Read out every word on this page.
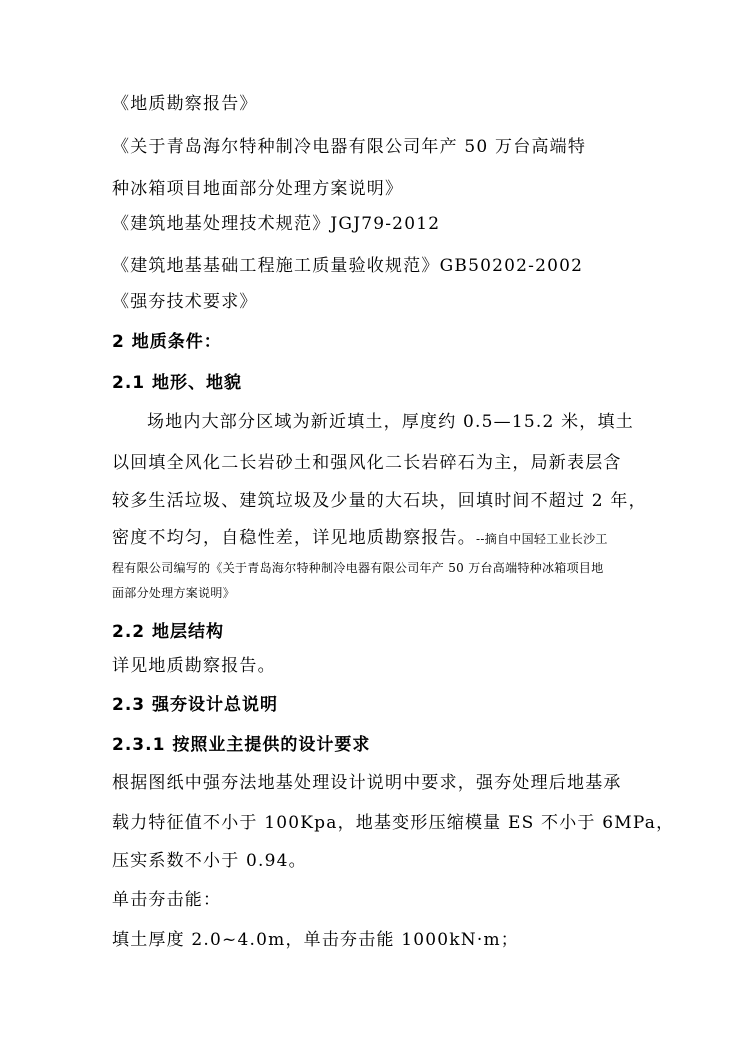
《地质勘察报告》
《关于青岛海尔特种制冷电器有限公司年产 50 万台高端特
种冰箱项目地面部分处理方案说明》
《建筑地基处理技术规范》JGJ79-2012
《建筑地基基础工程施工质量验收规范》GB50202-2002
《强夯技术要求》
2 地质条件：
2.1 地形、地貌
场地内大部分区域为新近填土，厚度约 0.5—15.2 米，填土
以回填全风化二长岩砂土和强风化二长岩碎石为主，局新表层含
较多生活垃圾、建筑垃圾及少量的大石块，回填时间不超过 2 年，
密度不均匀，自稳性差，详见地质勘察报告。--摘自中国轻工业长沙工
程有限公司编写的《关于青岛海尔特种制冷电器有限公司年产 50 万台高端特种冰箱项目地
面部分处理方案说明》
2.2 地层结构
详见地质勘察报告。
2.3 强夯设计总说明
2.3.1 按照业主提供的设计要求
根据图纸中强夯法地基处理设计说明中要求，强夯处理后地基承
载力特征值不小于 100Kpa，地基变形压缩模量 ES 不小于 6MPa，
压实系数不小于 0.94。
单击夯击能：
填土厚度 2.0~4.0m，单击夯击能 1000kN·m；
